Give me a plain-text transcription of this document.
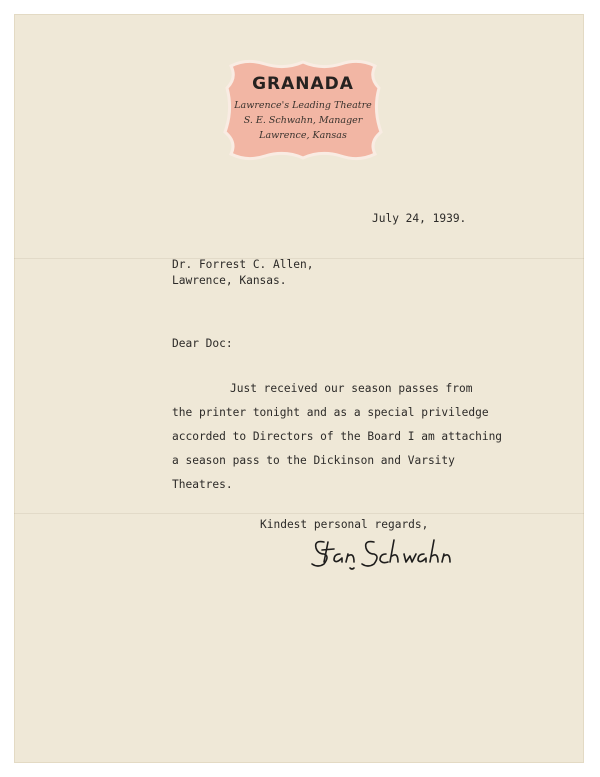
GRANADA
Lawrence's Leading Theatre
S. E. Schwahn, Manager
Lawrence, Kansas
July 24, 1939.
Dr. Forrest C. Allen,
Lawrence, Kansas.
Dear Doc:
Just received our season passes from
the printer tonight and as a special priviledge
accorded to Directors of the Board I am attaching
a season pass to the Dickinson and Varsity
Theatres.
Kindest personal regards,
